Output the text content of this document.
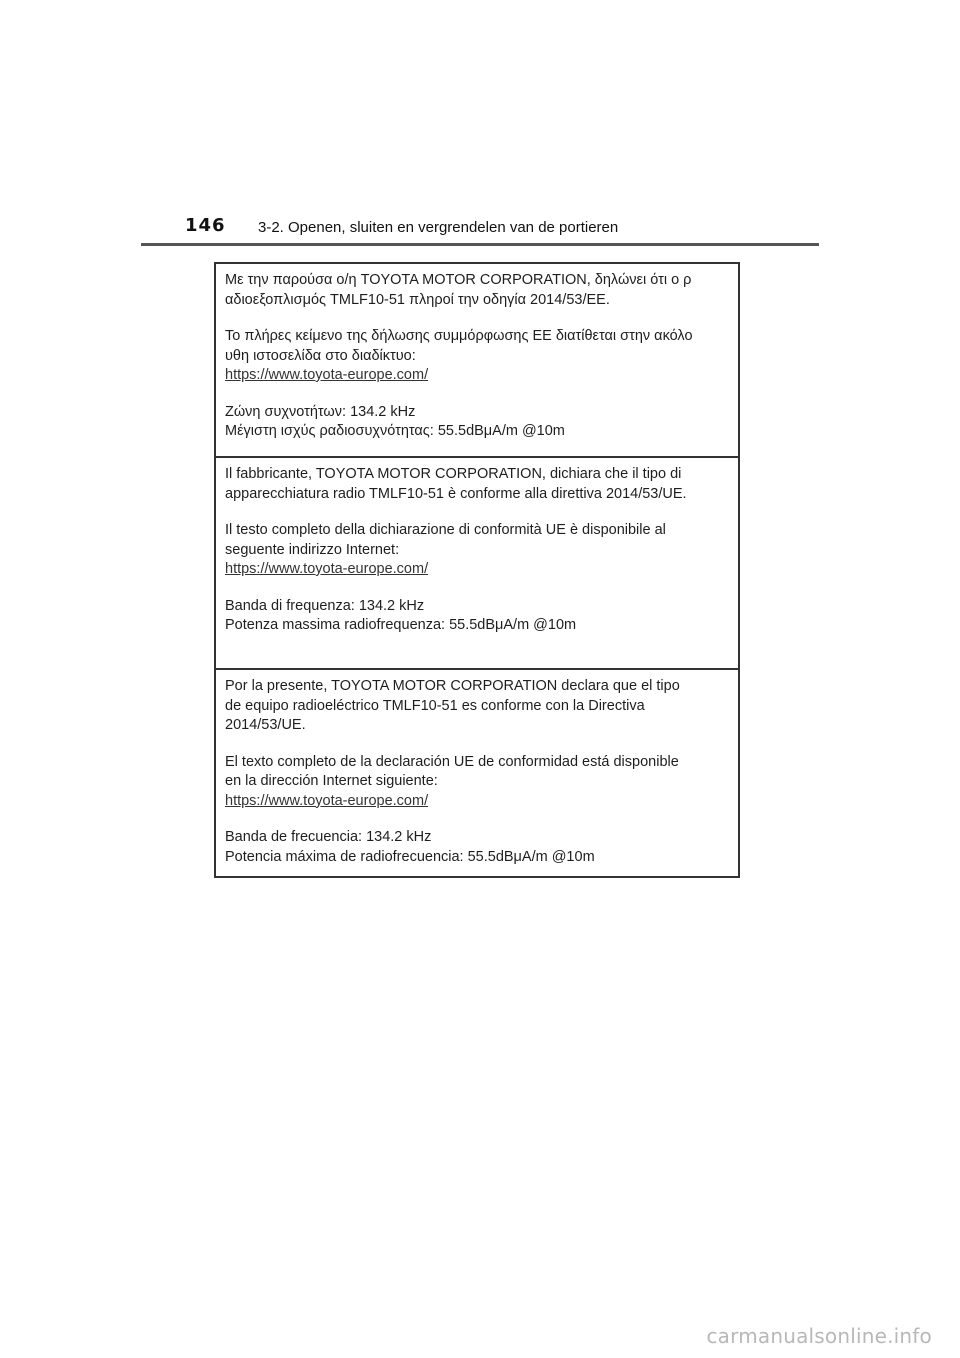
146 3-2. Openen, sluiten en vergrendelen van de portieren

Με την παρούσα ο/η TOYOTA MOTOR CORPORATION, δηλώνει ότι ο ρ
αδιοεξοπλισμός TMLF10-51 πληροί την οδηγία 2014/53/ΕΕ.

Το πλήρες κείμενο της δήλωσης συμμόρφωσης ΕΕ διατίθεται στην ακόλο
υθη ιστοσελίδα στο διαδίκτυο:
https://www.toyota-europe.com/

Ζώνη συχνοτήτων: 134.2 kHz
Μέγιστη ισχύς ραδιοσυχνότητας: 55.5dBμA/m @10m

Il fabbricante, TOYOTA MOTOR CORPORATION, dichiara che il tipo di
apparecchiatura radio TMLF10-51 è conforme alla direttiva 2014/53/UE.

Il testo completo della dichiarazione di conformità UE è disponibile al
seguente indirizzo Internet:
https://www.toyota-europe.com/

Banda di frequenza: 134.2 kHz
Potenza massima radiofrequenza: 55.5dBμA/m @10m

Por la presente, TOYOTA MOTOR CORPORATION declara que el tipo
de equipo radioeléctrico TMLF10-51 es conforme con la Directiva
2014/53/UE.

El texto completo de la declaración UE de conformidad está disponible
en la dirección Internet siguiente:
https://www.toyota-europe.com/

Banda de frecuencia: 134.2 kHz
Potencia máxima de radiofrecuencia: 55.5dBμA/m @10m

carmanualsonline.info
